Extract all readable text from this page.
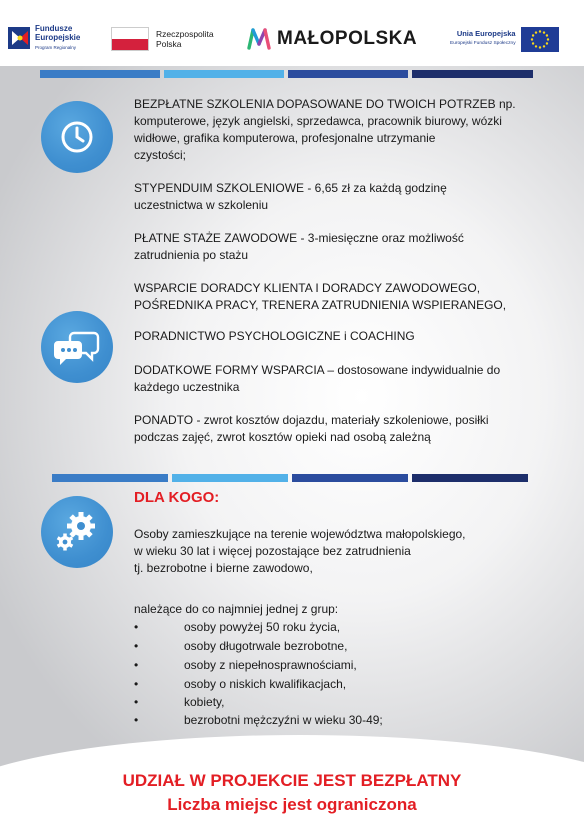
Fundusze
Europejskie
Program Regionalny
Rzeczpospolita
Polska	MAŁOPOLSKA	Unia Europejska
Europejski Fundusz Społeczny
BEZPŁATNE SZKOLENIA DOPASOWANE DO TWOICH POTRZEB np.
komputerowe, język angielski, sprzedawca, pracownik biurowy, wózki
widłowe, grafika komputerowa, profesjonalne utrzymanie
czystości;
STYPENDUIM SZKOLENIOWE - 6,65 zł za każdą godzinę
uczestnictwa w szkoleniu
PŁATNE STAŻE ZAWODOWE - 3-miesięczne oraz możliwość
zatrudnienia po stażu
WSPARCIE DORADCY KLIENTA I DORADCY ZAWODOWEGO,
POŚREDNIKA PRACY, TRENERA ZATRUDNIENIA WSPIERANEGO,
PORADNICTWO PSYCHOLOGICZNE i COACHING
DODATKOWE FORMY WSPARCIA – dostosowane indywidualnie do
każdego uczestnika
PONADTO - zwrot kosztów dojazdu, materiały szkoleniowe, posiłki
podczas zajęć, zwrot kosztów opieki nad osobą zależną
DLA KOGO:
Osoby zamieszkujące na terenie województwa małopolskiego,
w wieku 30 lat i więcej pozostające bez zatrudnienia
tj. bezrobotne i bierne zawodowo,
należące do co najmniej jednej z grup:
•	osoby powyżej 50 roku życia,
•	osoby długotrwale bezrobotne,
•	osoby z niepełnosprawnościami,
•	osoby o niskich kwalifikacjach,
•	kobiety,
•	bezrobotni mężczyźni w wieku 30-49;
UDZIAŁ W PROJEKCIE JEST BEZPŁATNY
Liczba miejsc jest ograniczona
